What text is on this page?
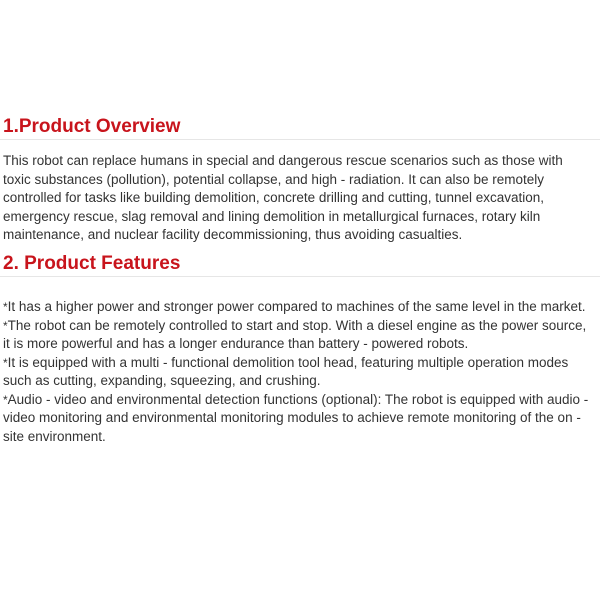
1.Product Overview

This robot can replace humans in special and dangerous rescue scenarios such as those with toxic substances (pollution), potential collapse, and high - radiation. It can also be remotely controlled for tasks like building demolition, concrete drilling and cutting, tunnel excavation, emergency rescue, slag removal and lining demolition in metallurgical furnaces, rotary kiln maintenance, and nuclear facility decommissioning, thus avoiding casualties.

2. Product Features
*It has a higher power and stronger power compared to machines of the same level in the market.
*The robot can be remotely controlled to start and stop. With a diesel engine as the power source, it is more powerful and has a longer endurance than battery - powered robots.
*It is equipped with a multi - functional demolition tool head, featuring multiple operation modes such as cutting, expanding, squeezing, and crushing.
*Audio - video and environmental detection functions (optional): The robot is equipped with audio - video monitoring and environmental monitoring modules to achieve remote monitoring of the on - site environment.
